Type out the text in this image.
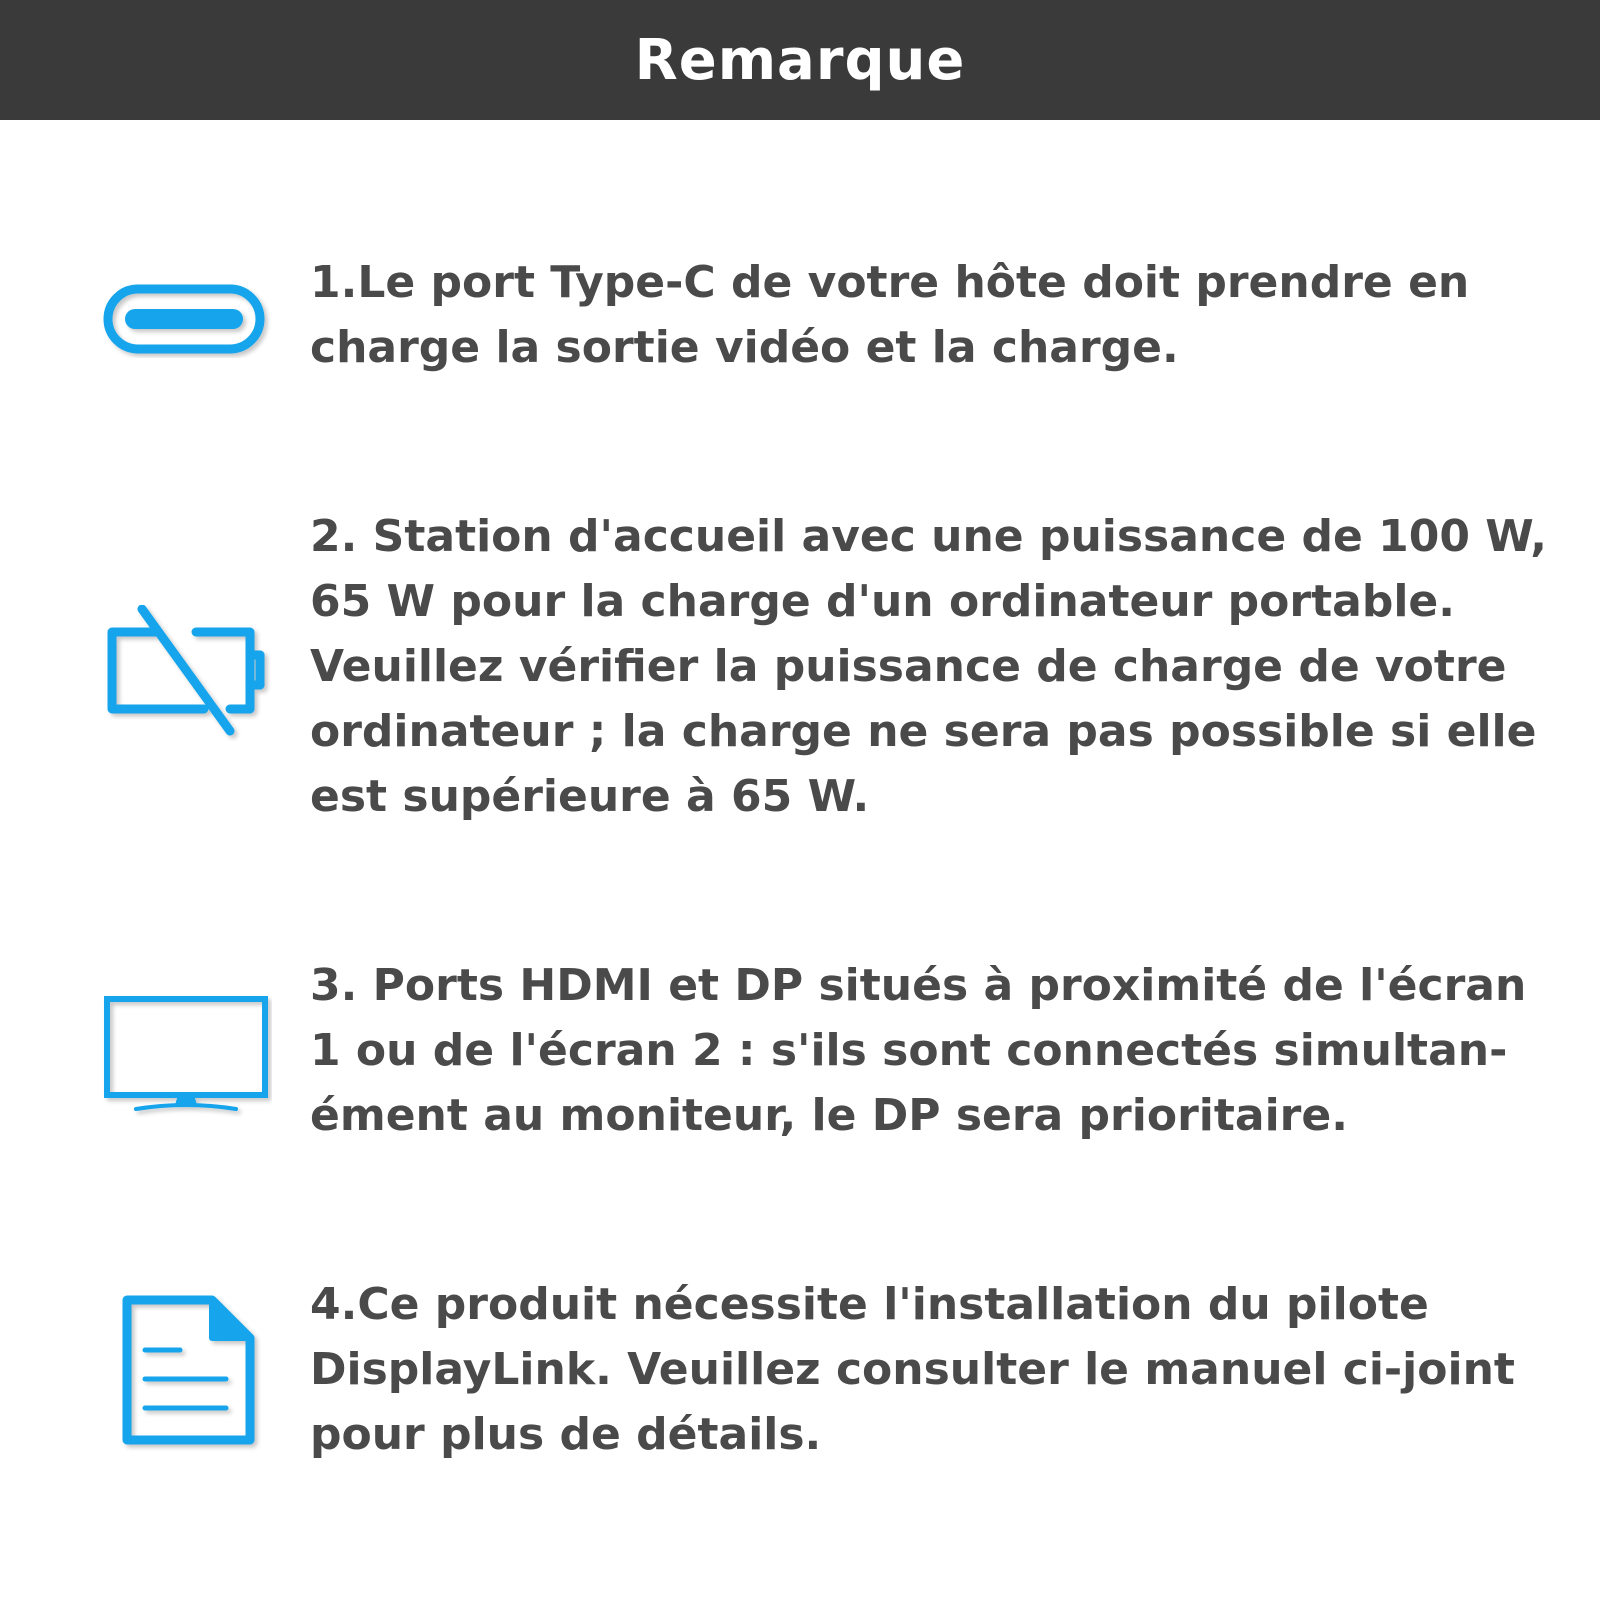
Remarque

1.Le port Type-C de votre hôte doit prendre en
charge la sortie vidéo et la charge.

2. Station d'accueil avec une puissance de 100 W,
65 W pour la charge d'un ordinateur portable.
Veuillez vérifier la puissance de charge de votre
ordinateur ; la charge ne sera pas possible si elle
est supérieure à 65 W.

3. Ports HDMI et DP situés à proximité de l'écran
1 ou de l'écran 2 : s'ils sont connectés simultan-
ément au moniteur, le DP sera prioritaire.

4.Ce produit nécessite l'installation du pilote
DisplayLink. Veuillez consulter le manuel ci-joint
pour plus de détails.
